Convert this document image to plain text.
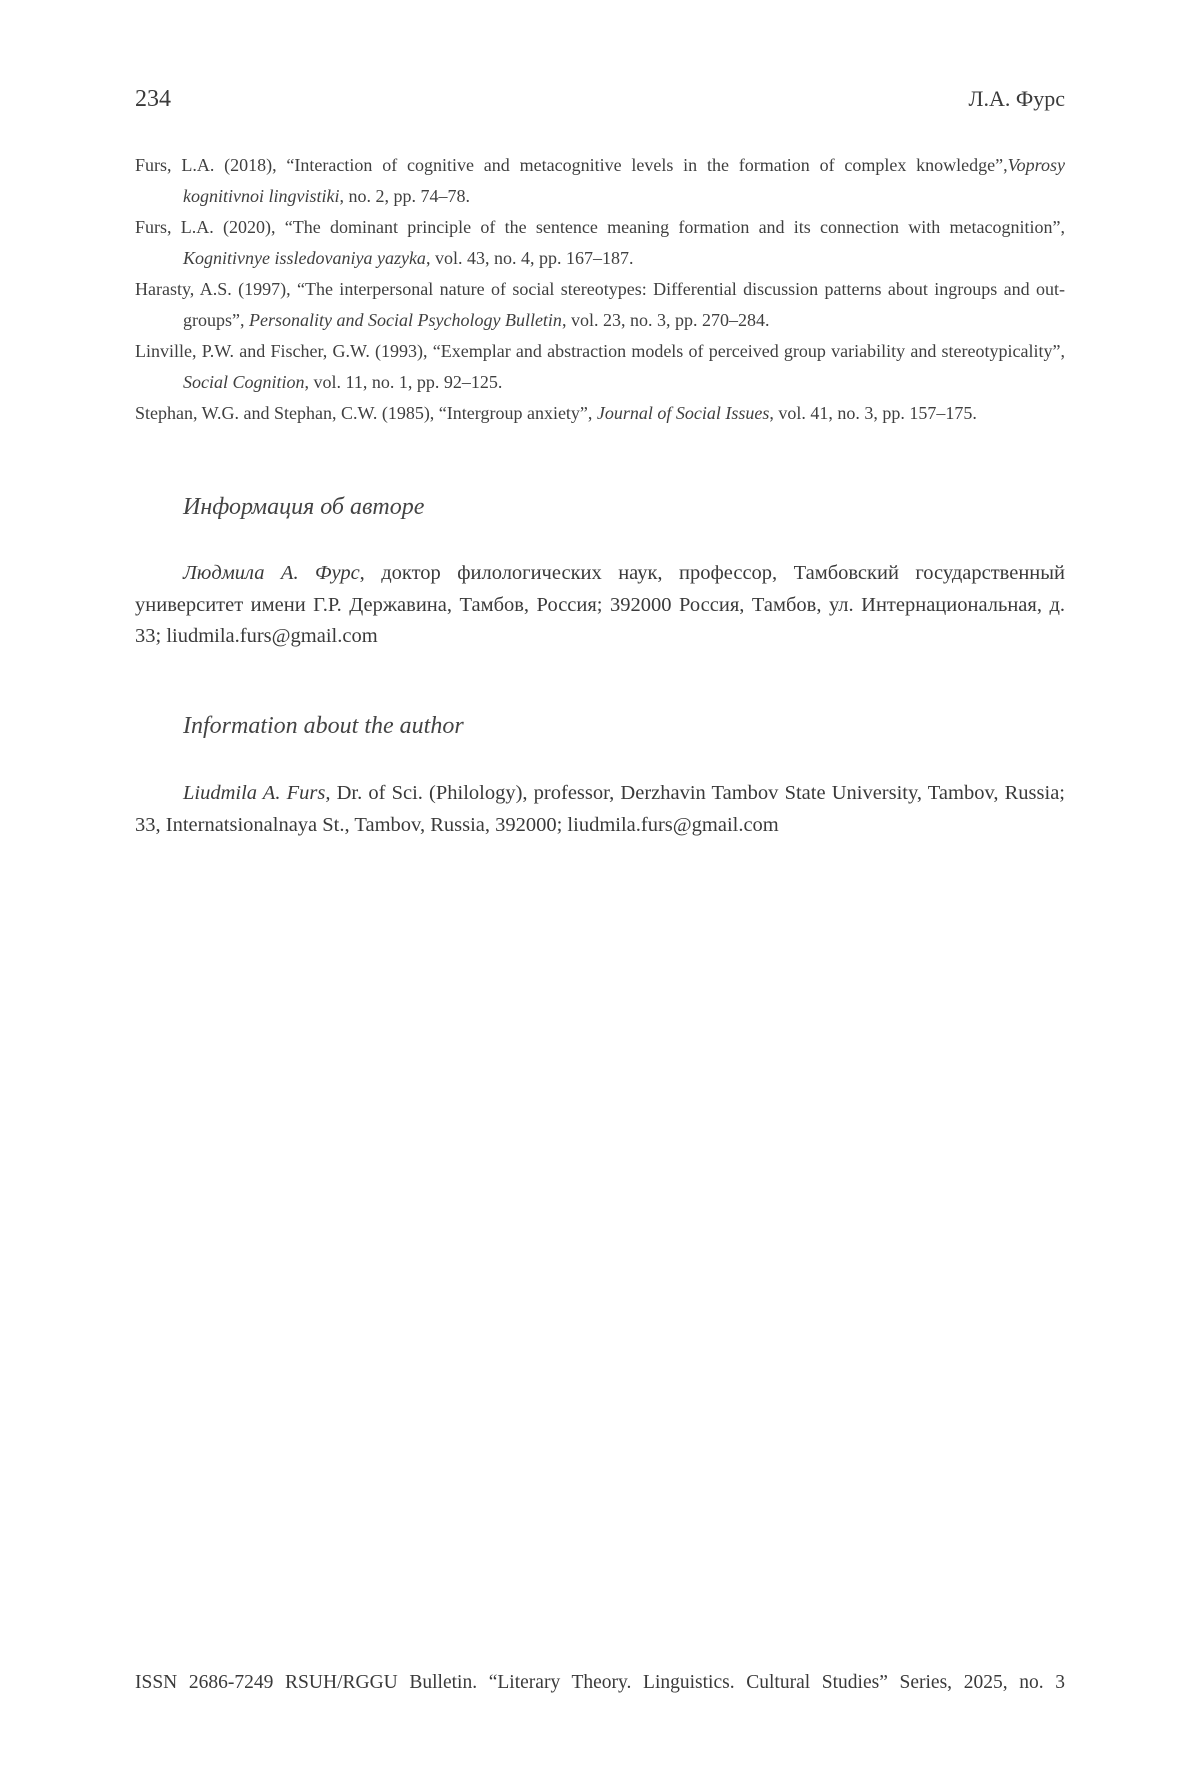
234	Л.А. Фурс

Furs, L.A. (2018), “Interaction of cognitive and metacognitive levels in the formation of complex knowledge”,Voprosy kognitivnoi lingvistiki, no. 2, pp. 74–78.

Furs, L.A. (2020), “The dominant principle of the sentence meaning formation and its connection with metacognition”, Kognitivnye issledovaniya yazyka, vol. 43, no. 4, pp. 167–187.

Harasty, A.S. (1997), “The interpersonal nature of social stereotypes: Differential discussion patterns about ingroups and out-groups”, Personality and Social Psychology Bulletin, vol. 23, no. 3, pp. 270–284.

Linville, P.W. and Fischer, G.W. (1993), “Exemplar and abstraction models of perceived group variability and stereotypicality”, Social Cognition, vol. 11, no. 1, pp. 92–125.

Stephan, W.G. and Stephan, C.W. (1985), “Intergroup anxiety”, Journal of Social Issues, vol. 41, no. 3, pp. 157–175.

Информация об авторе

Людмила А. Фурс, доктор филологических наук, профессор, Тамбовский государственный университет имени Г.Р. Державина, Тамбов, Россия; 392000 Россия, Тамбов, ул. Интернациональная, д. 33; liudmila.furs@gmail.com

Information about the author

Liudmila A. Furs, Dr. of Sci. (Philology), professor, Derzhavin Tambov State University, Tambov, Russia; 33, Internatsionalnaya St., Tambov, Russia, 392000; liudmila.furs@gmail.com

ISSN 2686-7249 RSUH/RGGU Bulletin. “Literary Theory. Linguistics. Cultural Studies” Series, 2025, no. 3
